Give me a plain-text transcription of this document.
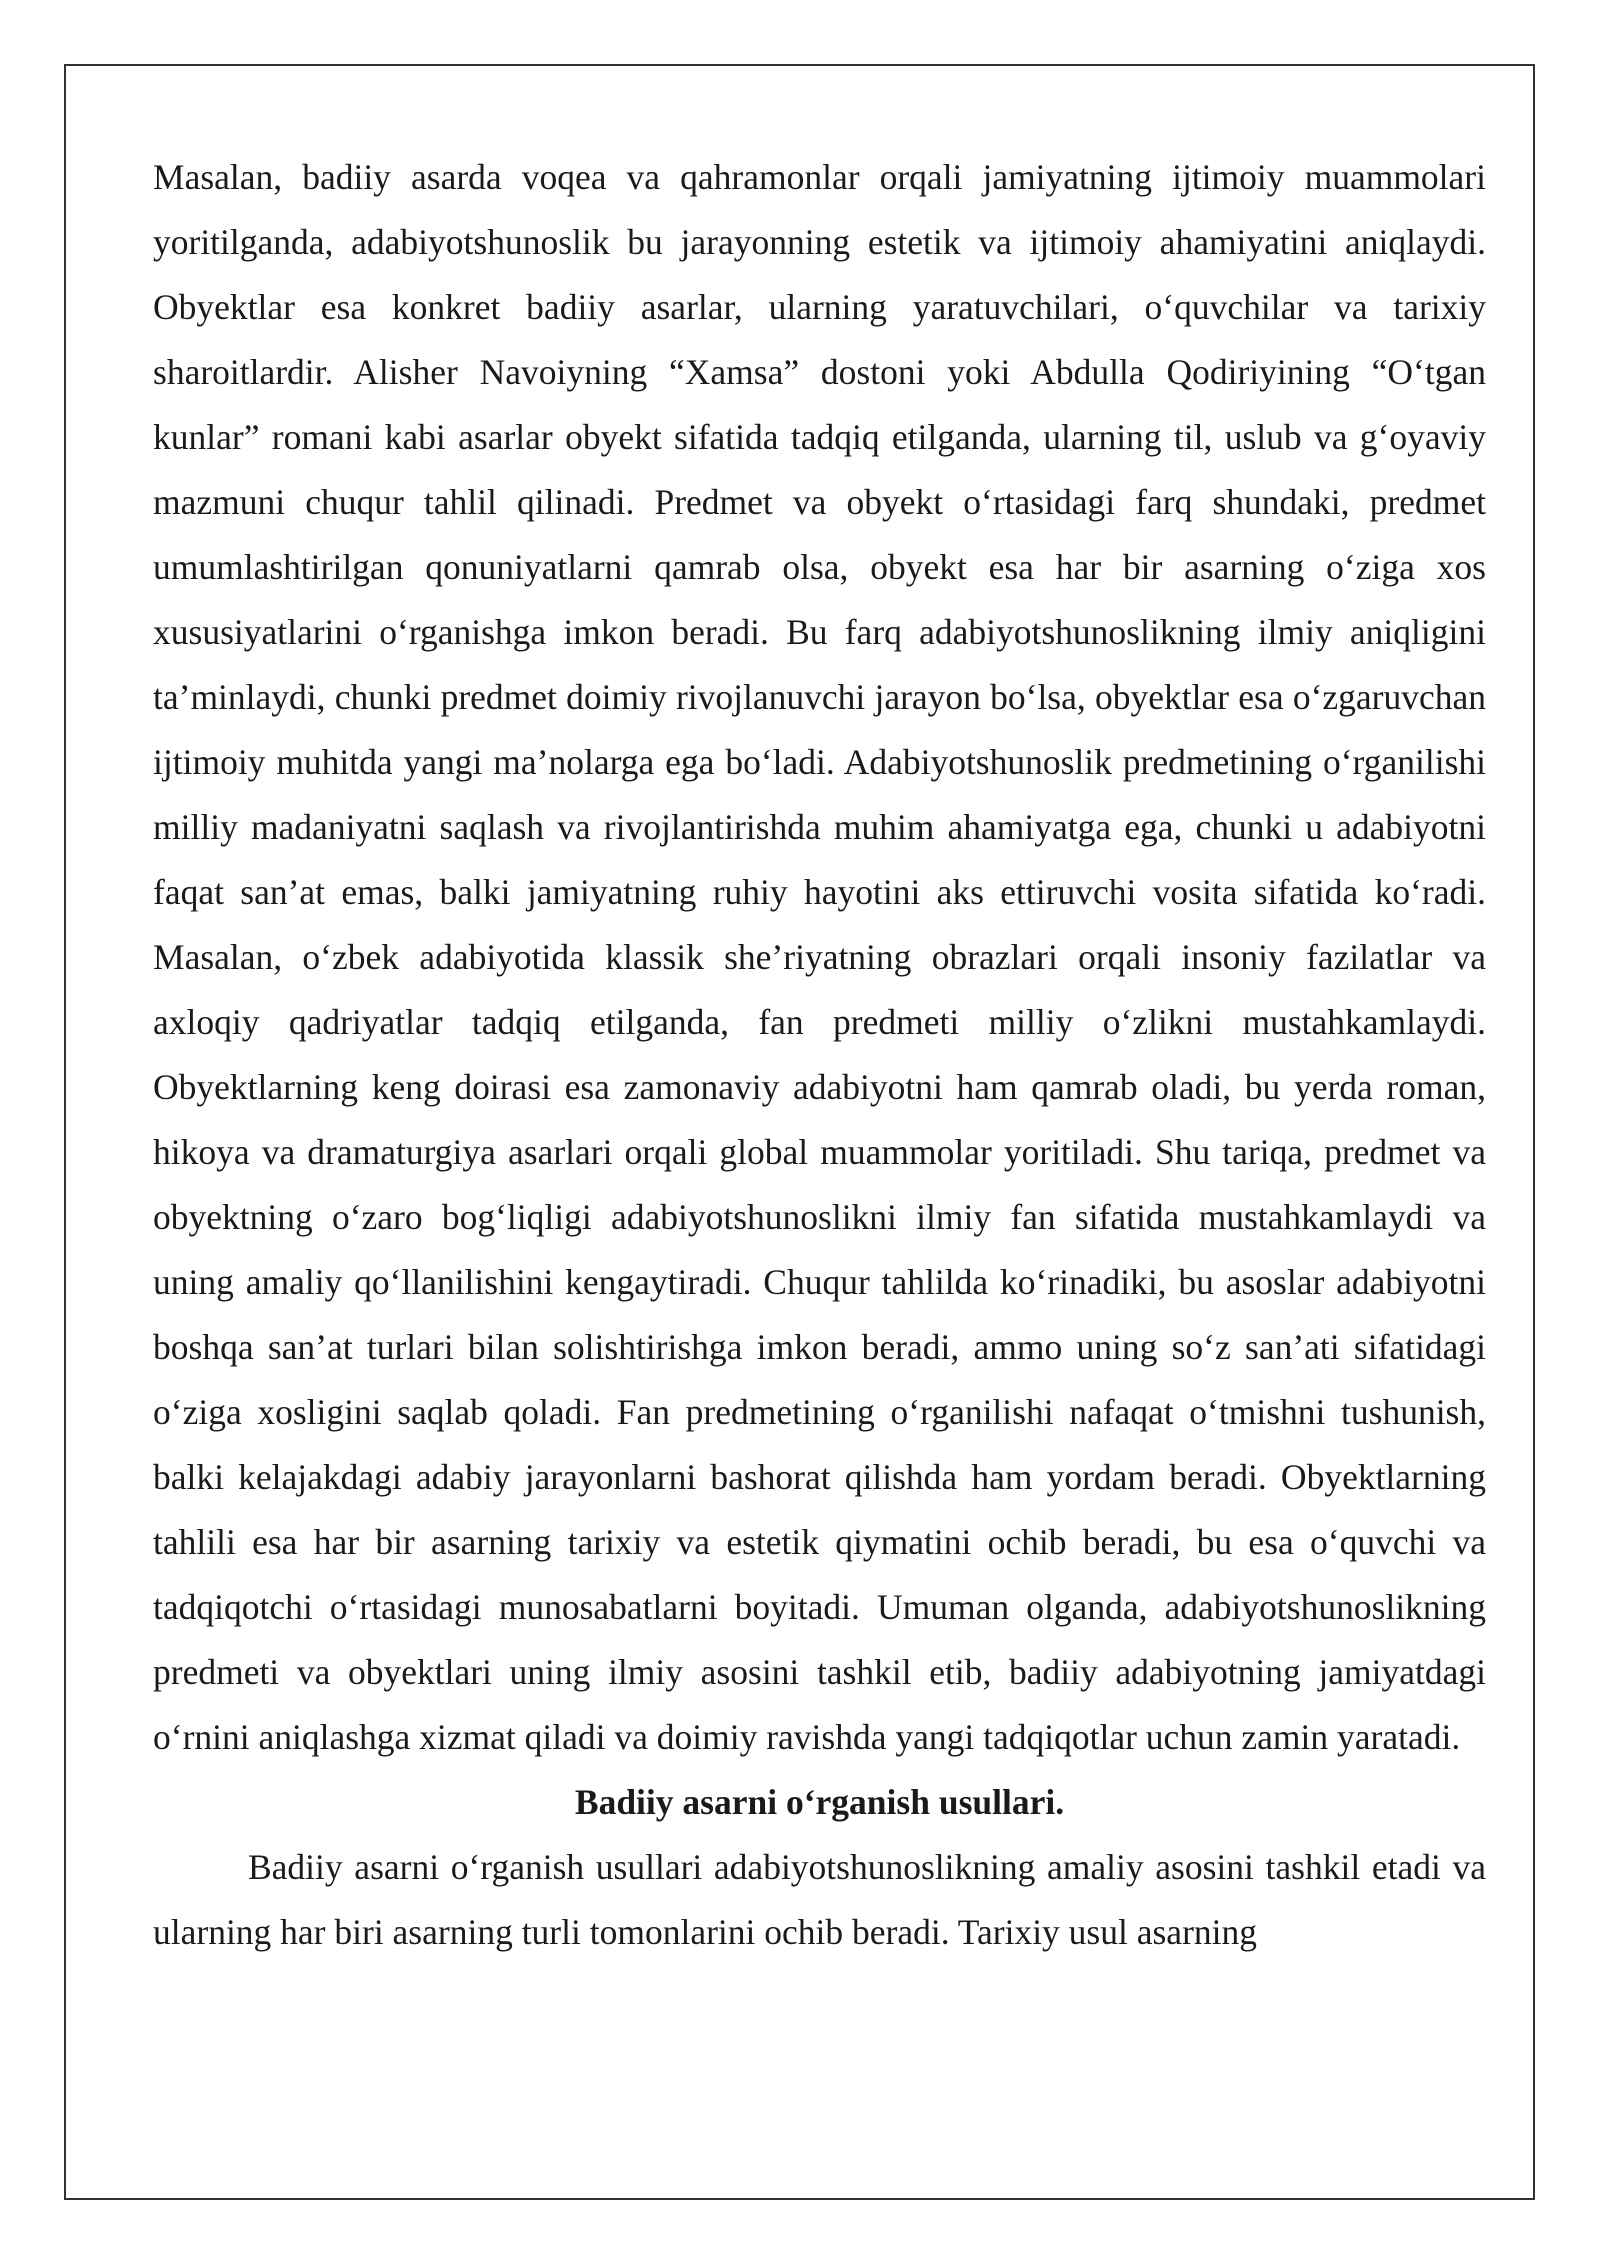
Masalan, badiiy asarda voqea va qahramonlar orqali jamiyatning ijtimoiy muammolari yoritilganda, adabiyotshunoslik bu jarayonning estetik va ijtimoiy ahamiyatini aniqlaydi. Obyektlar esa konkret badiiy asarlar, ularning yaratuvchilari, o‘quvchilar va tarixiy sharoitlardir. Alisher Navoiyning “Xamsa” dostoni yoki Abdulla Qodiriyining “O‘tgan kunlar” romani kabi asarlar obyekt sifatida tadqiq etilganda, ularning til, uslub va g‘oyaviy mazmuni chuqur tahlil qilinadi. Predmet va obyekt o‘rtasidagi farq shundaki, predmet umumlashtirilgan qonuniyatlarni qamrab olsa, obyekt esa har bir asarning o‘ziga xos xususiyatlarini o‘rganishga imkon beradi. Bu farq adabiyotshunoslikning ilmiy aniqligini ta’minlaydi, chunki predmet doimiy rivojlanuvchi jarayon bo‘lsa, obyektlar esa o‘zgaruvchan ijtimoiy muhitda yangi ma’nolarga ega bo‘ladi. Adabiyotshunoslik predmetining o‘rganilishi milliy madaniyatni saqlash va rivojlantirishda muhim ahamiyatga ega, chunki u adabiyotni faqat san’at emas, balki jamiyatning ruhiy hayotini aks ettiruvchi vosita sifatida ko‘radi. Masalan, o‘zbek adabiyotida klassik she’riyatning obrazlari orqali insoniy fazilatlar va axloqiy qadriyatlar tadqiq etilganda, fan predmeti milliy o‘zlikni mustahkamlaydi. Obyektlarning keng doirasi esa zamonaviy adabiyotni ham qamrab oladi, bu yerda roman, hikoya va dramaturgiya asarlari orqali global muammolar yoritiladi. Shu tariqa, predmet va obyektning o‘zaro bog‘liqligi adabiyotshunoslikni ilmiy fan sifatida mustahkamlaydi va uning amaliy qo‘llanilishini kengaytiradi. Chuqur tahlilda ko‘rinadiki, bu asoslar adabiyotni boshqa san’at turlari bilan solishtirishga imkon beradi, ammo uning so‘z san’ati sifatidagi o‘ziga xosligini saqlab qoladi. Fan predmetining o‘rganilishi nafaqat o‘tmishni tushunish, balki kelajakdagi adabiy jarayonlarni bashorat qilishda ham yordam beradi. Obyektlarning tahlili esa har bir asarning tarixiy va estetik qiymatini ochib beradi, bu esa o‘quvchi va tadqiqotchi o‘rtasidagi munosabatlarni boyitadi. Umuman olganda, adabiyotshunoslikning predmeti va obyektlari uning ilmiy asosini tashkil etib, badiiy adabiyotning jamiyatdagi o‘rnini aniqlashga xizmat qiladi va doimiy ravishda yangi tadqiqotlar uchun zamin yaratadi.

Badiiy asarni o‘rganish usullari.

Badiiy asarni o‘rganish usullari adabiyotshunoslikning amaliy asosini tashkil etadi va ularning har biri asarning turli tomonlarini ochib beradi. Tarixiy usul asarning
